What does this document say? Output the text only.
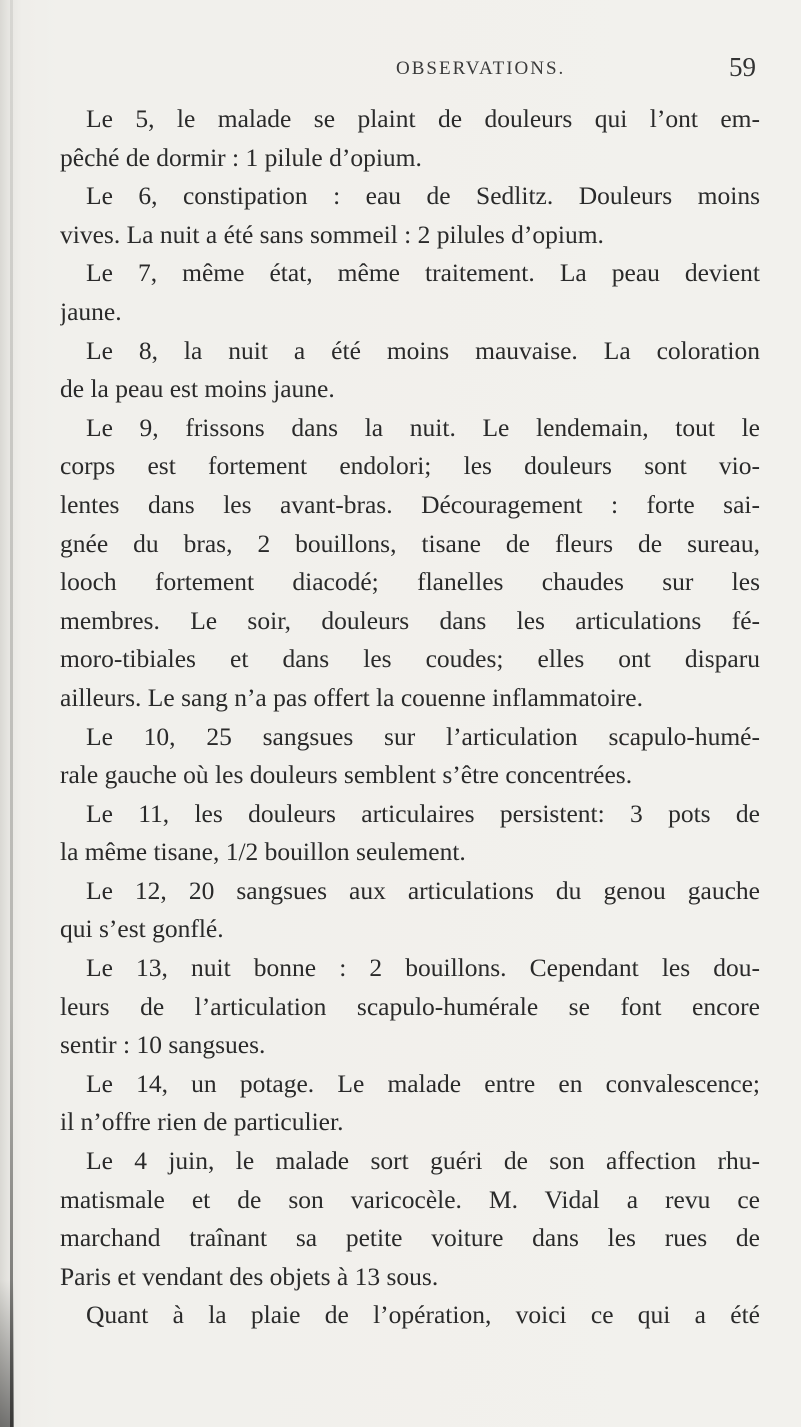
OBSERVATIONS.	59
Le 5, le malade se plaint de douleurs qui l’ont em-
pêché de dormir : 1 pilule d’opium.
Le 6, constipation : eau de Sedlitz. Douleurs moins
vives. La nuit a été sans sommeil : 2 pilules d’opium.
Le 7, même état, même traitement. La peau devient
jaune.
Le 8, la nuit a été moins mauvaise. La coloration
de la peau est moins jaune.
Le 9, frissons dans la nuit. Le lendemain, tout le
corps est fortement endolori; les douleurs sont vio-
lentes dans les avant-bras. Découragement : forte sai-
gnée du bras, 2 bouillons, tisane de fleurs de sureau,
looch fortement diacodé; flanelles chaudes sur les
membres. Le soir, douleurs dans les articulations fé-
moro-tibiales et dans les coudes; elles ont disparu
ailleurs. Le sang n’a pas offert la couenne inflammatoire.
Le 10, 25 sangsues sur l’articulation scapulo-humé-
rale gauche où les douleurs semblent s’être concentrées.
Le 11, les douleurs articulaires persistent: 3 pots de
la même tisane, 1/2 bouillon seulement.
Le 12, 20 sangsues aux articulations du genou gauche
qui s’est gonflé.
Le 13, nuit bonne : 2 bouillons. Cependant les dou-
leurs de l’articulation scapulo-humérale se font encore
sentir : 10 sangsues.
Le 14, un potage. Le malade entre en convalescence;
il n’offre rien de particulier.
Le 4 juin, le malade sort guéri de son affection rhu-
matismale et de son varicocèle. M. Vidal a revu ce
marchand traînant sa petite voiture dans les rues de
Paris et vendant des objets à 13 sous.
Quant à la plaie de l’opération, voici ce qui a été
